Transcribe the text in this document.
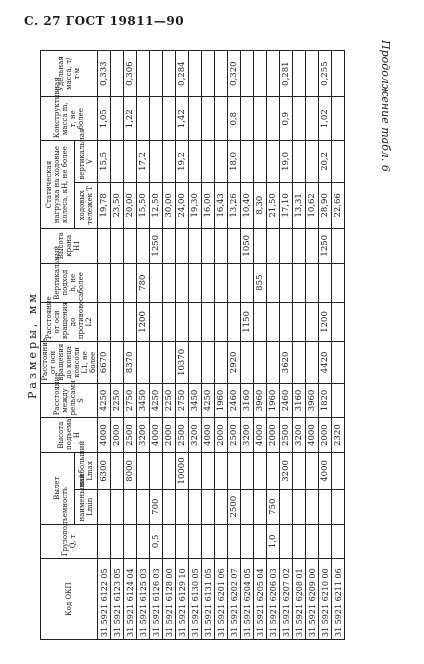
С. 27 ГОСТ 19811—90
Продолжение табл. 6
Размеры, мм
Код ОКП	Грузоподъемность Q, т	Вылет		Высота подъема H	Расстояние между рельсами S	Расстояние от оси вращения до конца консоли L1, не более	Расстояние от оси вращения до противовеса L2	Вертикальный подход h, не более	Высота крана H1	Статическая нагрузка на ходовые колеса, кН, не более		Конструктивная масса m, т, не более	Удельная масса, т/т·м
		наименьший Lmin	наибольший Lmax							ходовых тележек T	вертикальная V		
31 5921 6122 05			6300	4000	4250	6670				19,78	15,5	1,05	0,333
31 5921 6123 05				2000	2250					23,50			
31 5921 6124 04			8000	2500	2750	8370				20,00		1,22	0,306
31 5921 6125 03				3200	3450		1200	780		15,50	17,2		
31 5921 6126 03	0,5	700		4000	4250				1250	12,50			
31 5921 6128 00				2000	2250					30,00			
31 5921 6129 10			10000	2500	2750	10370				24,00	19,2	1,42	0,284
31 5921 6130 05				3200	3450					19,30			
31 5921 6131 05				4000	4250					16,00			
31 5921 6201 06				2000	1960					16,43			
31 5921 6202 07		2500		2500	2460	2920				13,26	18,0	0,8	0,320
31 5921 6204 05				3200	3160		1150		1050	10,40			
31 5921 6205 04				4000	3960			855		8,30			
31 5921 6206 03	1,0	750		2000	1960					21,50			
31 5921 6207 02			3200	2500	2460	3620				17,10	19,0	0,9	0,281
31 5921 6208 01				3200	3160					13,31			
31 5921 6209 00				4000	3960					10,62			
31 5921 6210 00			4000	2000	1820	4420	1200		1250	28,90	20,2	1,02	0,255
31 5921 6211 06				2320						22,66			
